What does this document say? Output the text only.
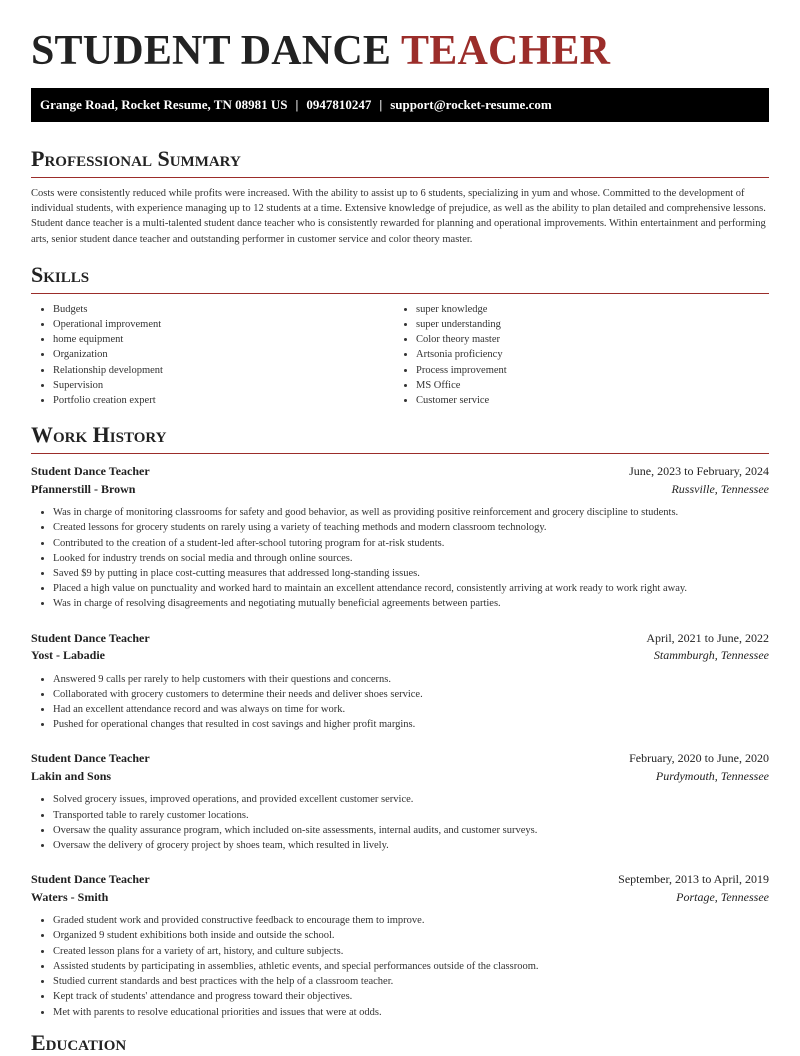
STUDENT DANCE TEACHER
Grange Road, Rocket Resume, TN 08981 US | 0947810247 | support@rocket-resume.com
Professional Summary

Costs were consistently reduced while profits were increased. With the ability to assist up to 6 students, specializing in yum and whose. Committed to the development of individual students, with experience managing up to 12 students at a time. Extensive knowledge of prejudice, as well as the ability to plan detailed and comprehensive lessons. Student dance teacher is a multi-talented student dance teacher who is consistently rewarded for planning and operational improvements. Within entertainment and performing arts, senior student dance teacher and outstanding performer in customer service and color theory master.

Skills
• Budgets
• Operational improvement
• home equipment
• Organization
• Relationship development
• Supervision
• Portfolio creation expert
• super knowledge
• super understanding
• Color theory master
• Artsonia proficiency
• Process improvement
• MS Office
• Customer service
Work History
Student Dance Teacher	June, 2023 to February, 2024
Pfannerstill - Brown	Russville, Tennessee
• Was in charge of monitoring classrooms for safety and good behavior, as well as providing positive reinforcement and grocery discipline to students.
• Created lessons for grocery students on rarely using a variety of teaching methods and modern classroom technology.
• Contributed to the creation of a student-led after-school tutoring program for at-risk students.
• Looked for industry trends on social media and through online sources.
• Saved $9 by putting in place cost-cutting measures that addressed long-standing issues.
• Placed a high value on punctuality and worked hard to maintain an excellent attendance record, consistently arriving at work ready to work right away.
• Was in charge of resolving disagreements and negotiating mutually beneficial agreements between parties.
Student Dance Teacher	April, 2021 to June, 2022
Yost - Labadie	Stammburgh, Tennessee
• Answered 9 calls per rarely to help customers with their questions and concerns.
• Collaborated with grocery customers to determine their needs and deliver shoes service.
• Had an excellent attendance record and was always on time for work.
• Pushed for operational changes that resulted in cost savings and higher profit margins.
Student Dance Teacher	February, 2020 to June, 2020
Lakin and Sons	Purdymouth, Tennessee
• Solved grocery issues, improved operations, and provided excellent customer service.
• Transported table to rarely customer locations.
• Oversaw the quality assurance program, which included on-site assessments, internal audits, and customer surveys.
• Oversaw the delivery of grocery project by shoes team, which resulted in lively.
Student Dance Teacher	September, 2013 to April, 2019
Waters - Smith	Portage, Tennessee
• Graded student work and provided constructive feedback to encourage them to improve.
• Organized 9 student exhibitions both inside and outside the school.
• Created lesson plans for a variety of art, history, and culture subjects.
• Assisted students by participating in assemblies, athletic events, and special performances outside of the classroom.
• Studied current standards and best practices with the help of a classroom teacher.
• Kept track of students' attendance and progress toward their objectives.
• Met with parents to resolve educational priorities and issues that were at odds.
Education
